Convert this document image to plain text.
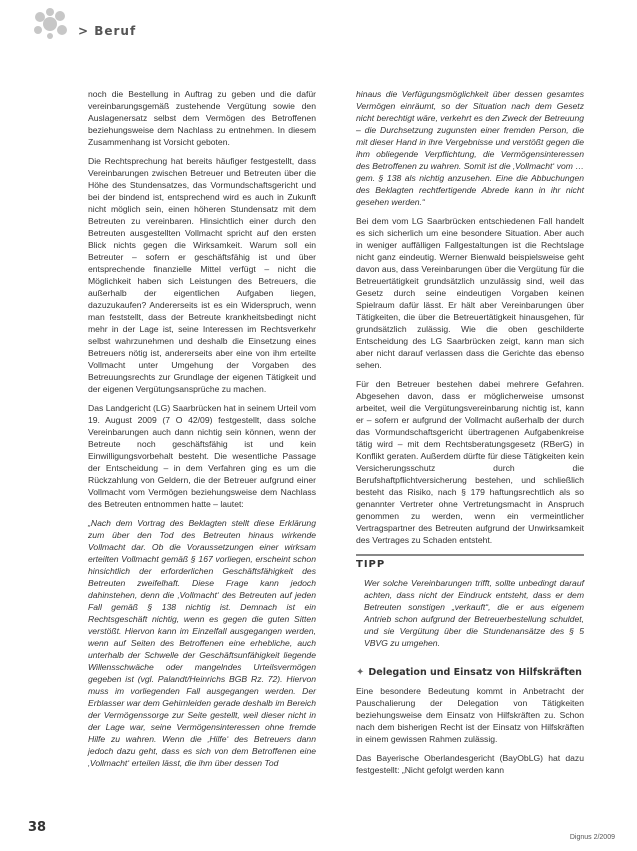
> Beruf

noch die Bestellung in Auftrag zu geben und die dafür vereinbarungsgemäß zustehende Vergütung sowie den Auslagenersatz selbst dem Vermögen des Betroffenen beziehungsweise dem Nachlass zu entnehmen. In diesem Zusammenhang ist Vorsicht geboten.

Die Rechtsprechung hat bereits häufiger festgestellt, dass Vereinbarungen zwischen Betreuer und Betreuten über die Höhe des Stundensatzes, das Vormundschaftsgericht und bei der bindend ist, entsprechend wird es auch in Zukunft nicht möglich sein, einen höheren Stundensatz mit dem Betreuten zu vereinbaren. Hinsichtlich einer durch den Betreuten ausgestellten Vollmacht spricht auf den ersten Blick nichts gegen die Wirksamkeit. Warum soll ein Betreuter – sofern er geschäftsfähig ist und über entsprechende finanzielle Mittel verfügt – nicht die Möglichkeit haben sich Leistungen des Betreuers, die außerhalb der eigentlichen Aufgaben liegen, dazuzukaufen? Andererseits ist es ein Widerspruch, wenn man feststellt, dass der Betreute krankheitsbedingt nicht mehr in der Lage ist, seine Interessen im Rechtsverkehr selbst wahrzunehmen und deshalb die Einsetzung eines Betreuers nötig ist, andererseits aber eine von ihm erteilte Vollmacht unter Umgehung der Vorgaben des Betreuungsrechts zur Grundlage der eigenen Tätigkeit und der eigenen Vergütungsansprüche zu machen.

Das Landgericht (LG) Saarbrücken hat in seinem Urteil vom 19. August 2009 (7 O 42/09) festgestellt, dass solche Vereinbarungen auch dann nichtig sein können, wenn der Betreute noch geschäftsfähig ist und kein Einwilligungsvorbehalt besteht. Die wesentliche Passage der Entscheidung – in dem Verfahren ging es um die Rückzahlung von Geldern, die der Betreuer aufgrund einer Vollmacht vom Vermögen beziehungsweise dem Nachlass des Betreuten entnommen hatte – lautet:

„Nach dem Vortrag des Beklagten stellt diese Erklärung zum über den Tod des Betreuten hinaus wirkende Vollmacht dar. Ob die Voraussetzungen einer wirksam erteilten Vollmacht gemäß § 167 vorliegen, erscheint schon hinsichtlich der erforderlichen Geschäftsfähigkeit des Betreuten zweifelhaft. Diese Frage kann jedoch dahinstehen, denn die ‚Vollmacht‘ des Betreuten auf jeden Fall gemäß § 138 nichtig ist. Demnach ist ein Rechtsgeschäft nichtig, wenn es gegen die guten Sitten verstößt. Hiervon kann im Einzelfall ausgegangen werden, wenn auf Seiten des Betroffenen eine erhebliche, auch unterhalb der Schwelle der Geschäftsunfähigkeit liegende Willensschwäche oder mangelndes Urteilsvermögen gegeben ist (vgl. Palandt/Heinrichs BGB Rz. 72). Hiervon muss im vorliegenden Fall ausgegangen werden. Der Erblasser war dem Gehirnleiden gerade deshalb im Bereich der Vermögenssorge zur Seite gestellt, weil dieser nicht in der Lage war, seine Vermögensinteressen ohne fremde Hilfe zu wahren. Wenn die ‚Hilfe‘ des Betreuers dann jedoch dazu geht, dass es sich von dem Betroffenen eine ‚Vollmacht‘ erteilen lässt, die ihm über dessen Tod

hinaus die Verfügungsmöglichkeit über dessen gesamtes Vermögen einräumt, so der Situation nach dem Gesetz nicht berechtigt wäre, verkehrt es den Zweck der Betreuung – die Durchsetzung zugunsten einer fremden Person, die mit dieser Hand in ihre Vergebnisse und verstößt gegen die ihm obliegende Verpflichtung, die Vermögensinteressen des Betroffenen zu wahren. Somit ist die ‚Vollmacht‘ vom … gem. § 138 als nichtig anzusehen. Eine die Abbuchungen des Beklagten rechtfertigende Abrede kann in ihr nicht gesehen werden.“

Bei dem vom LG Saarbrücken entschiedenen Fall handelt es sich sicherlich um eine besondere Situation. Aber auch in weniger auffälligen Fallgestaltungen ist die Rechtslage nicht ganz eindeutig. Werner Bienwald beispielsweise geht davon aus, dass Vereinbarungen über die Vergütung für die Betreuertätigkeit grundsätzlich unzulässig sind, weil das Gesetz durch seine eindeutigen Vorgaben keinen Spielraum dafür lässt. Er hält aber Vereinbarungen über Tätigkeiten, die über die Betreuertätigkeit hinausgehen, für grundsätzlich zulässig. Wie die oben geschilderte Entscheidung des LG Saarbrücken zeigt, kann man sich aber nicht darauf verlassen dass die Gerichte das ebenso sehen.

Für den Betreuer bestehen dabei mehrere Gefahren. Abgesehen davon, dass er möglicherweise umsonst arbeitet, weil die Vergütungsvereinbarung nichtig ist, kann er – sofern er aufgrund der Vollmacht außerhalb der durch das Vormundschaftsgericht übertragenen Aufgabenkreise tätig wird – mit dem Rechtsberatungsgesetz (RBerG) in Konflikt geraten. Außerdem dürfte für diese Tätigkeiten kein Versicherungsschutz durch die Berufshaftpflichtversicherung bestehen, und schließlich besteht das Risiko, nach § 179 haftungsrechtlich als so genannter Vertreter ohne Vertretungsmacht in Anspruch genommen zu werden, wenn ein vermeintlicher Vertragspartner des Betreuten aufgrund der Unwirksamkeit des Vertrages zu Schaden entsteht.

TIPP
Wer solche Vereinbarungen trifft, sollte unbedingt darauf achten, dass nicht der Eindruck entsteht, dass er dem Betreuten sonstigen „verkauft“, die er aus eigenem Antrieb schon aufgrund der Betreuerbestellung schuldet, und sie Vergütung über die Stundenansätze des § 5 VBVG zu umgehen.
✦ Delegation und Einsatz von Hilfskräften

Eine besondere Bedeutung kommt in Anbetracht der Pauschalierung der Delegation von Tätigkeiten beziehungsweise dem Einsatz von Hilfskräften zu. Schon nach dem bisherigen Recht ist der Einsatz von Hilfskräften in einem gewissen Rahmen zulässig.

Das Bayerische Oberlandesgericht (BayObLG) hat dazu festgestellt: „Nicht gefolgt werden kann

38
Dignus 2/2009
